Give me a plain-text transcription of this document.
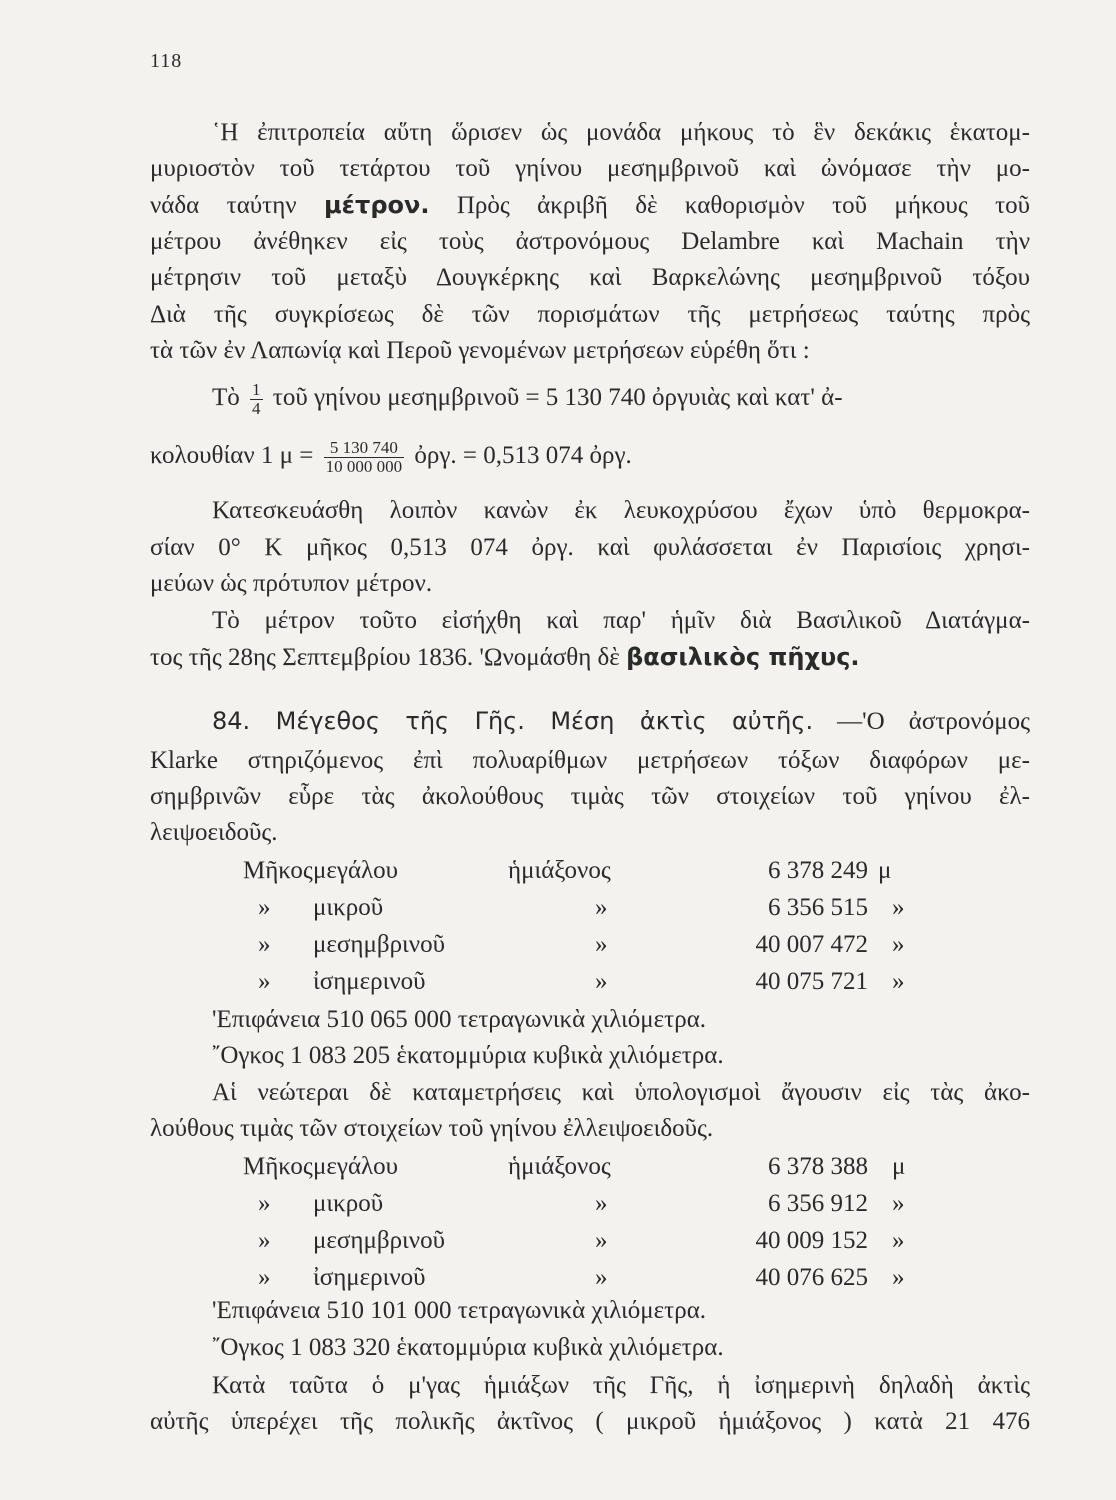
118
῾Η ἐπιτροπεία αὕτη ὥρισεν ὡς μονάδα μήκους τὸ ἓν δεκάκις ἑκατομ-
μυριοστὸν τοῦ τετάρτου τοῦ γηίνου μεσημβρινοῦ καὶ ὠνόμασε τὴν μο-
νάδα ταύτην μέτρον. Πρὸς ἀκριβῆ δὲ καθορισμὸν τοῦ μήκους τοῦ
μέτρου ἀνέθηκεν εἰς τοὺς ἀστρονόμους Delambre καὶ Machain τὴν
μέτρησιν τοῦ μεταξὺ Δουγκέρκης καὶ Βαρκελώνης μεσημβρινοῦ τόξου
Διὰ τῆς συγκρίσεως δὲ τῶν πορισμάτων τῆς μετρήσεως ταύτης πρὸς
τὰ τῶν ἐν Λαπωνίᾳ καὶ Περοῦ γενομένων μετρήσεων εὑρέθη ὅτι :
Τὸ $\frac{1}{4}$ τοῦ γηίνου μεσημβρινοῦ = 5 130 740 ὀργυιὰς καὶ κατ' ἀ-
κολουθίαν 1 $\mu = \frac{5 130 740}{10 000 000}$ ὀργ. = 0,513 074 ὀργ.
Κατεσκευάσθη λοιπὸν κανὼν ἐκ λευκοχρύσου ἔχων ὑπὸ θερμοκρα-
σίαν 0° Κ μῆκος 0,513 074 ὀργ. καὶ φυλάσσεται ἐν Παρισίοις χρησι-
μεύων ὡς πρότυπον μέτρον.
Τὸ μέτρον τοῦτο εἰσήχθη καὶ παρ' ἡμῖν διὰ Βασιλικοῦ Διατάγμα-
τος τῆς 28ης Σεπτεμβρίου 1836. 'Ωνομάσθη δὲ βασιλικὸς πῆχυς.
84. Μέγεθος τῆς Γῆς. Μέση ἀκτὶς αὐτῆς. —'Ο ἀστρονόμος
Klarke στηριζόμενος ἐπὶ πολυαρίθμων μετρήσεων τόξων διαφόρων με-
σημβρινῶν εὗρε τὰς ἀκολούθους τιμὰς τῶν στοιχείων τοῦ γηίνου ἐλ-
λειψοειδοῦς.
Μῆκος μεγάλου	ἡμιάξονος	6 378 249 μ
» μικροῦ	»	6 356 515 »
» μεσημβρινοῦ	»	40 007 472 »
» ἰσημερινοῦ	»	40 075 721 »
'Επιφάνεια 510 065 000 τετραγωνικὰ χιλιόμετρα.
῎Ογκος 1 083 205 ἑκατομμύρια κυβικὰ χιλιόμετρα.
Αἱ νεώτεραι δὲ καταμετρήσεις καὶ ὑπολογισμοὶ ἄγουσιν εἰς τὰς ἀκο-
λούθους τιμὰς τῶν στοιχείων τοῦ γηίνου ἐλλειψοειδοῦς.
Μῆκος μεγάλου	ἡμιάξονος	6 378 388 μ
» μικροῦ	»	6 356 912 »
» μεσημβρινοῦ	»	40 009 152 »
» ἰσημερινοῦ	»	40 076 625 »
'Επιφάνεια 510 101 000 τετραγωνικὰ χιλιόμετρα.
῎Ογκος 1 083 320 ἑκατομμύρια κυβικὰ χιλιόμετρα.
Κατὰ ταῦτα ὁ μ'γας ἡμιάξων τῆς Γῆς, ἡ ἰσημερινὴ δηλαδὴ ἀκτὶς
αὐτῆς ὑπερέχει τῆς πολικῆς ἀκτῖνος ( μικροῦ ἡμιάξονος ) κατὰ 21 476
